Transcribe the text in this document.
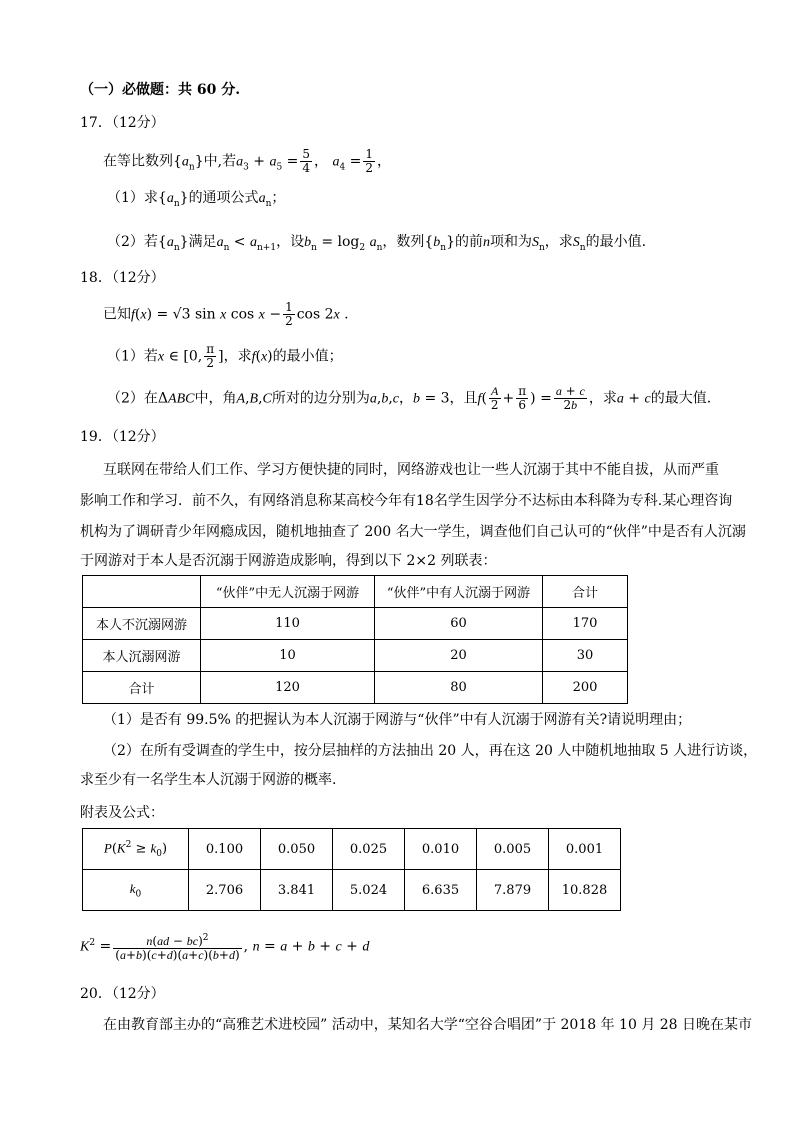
（一）必做题：共 60 分.
17．（12分）
在等比数列$\{a_n\}$中,若$a_3 + a_5 = \frac{5}{4}$ ， $a_4 = \frac{1}{2}$ ，
（1）求$\{a_n\}$的通项公式$a_n$；
（2）若$\{a_n\}$满足$a_n < a_{n+1}$，设$b_n = \log_2 a_n$，数列$\{b_n\}$的前n项和为$S_n$，求$S_n$的最小值.
18．（12分）
已知f(x) = √3 sin x $\cos x - \frac{1}{2}$ cos 2x .
（1）若x ∈ [0, $\frac{\pi}{2}$ ]，求f(x)的最小值；
（2）在ΔABC中，角A,B,C所对的边分别为a,b,c，b = 3，且$f( \frac{A}{2} + \frac{\pi}{6}$ ) = $\frac{a + c}{2b}$ ，求a + c的最大值.
19．（12分）
互联网在带给人们工作、学习方便快捷的同时，网络游戏也让一些人沉溺于其中不能自拔，从而严重
影响工作和学习．前不久，有网络消息称某高校今年有18名学生因学分不达标由本科降为专科.某心理咨询
机构为了调研青少年网瘾成因，随机地抽查了 200 名大一学生，调查他们自己认可的“伙伴”中是否有人沉溺
于网游对于本人是否沉溺于网游造成影响，得到以下 2×2 列联表：
	“伙伴”中无人沉溺于网游	“伙伴”中有人沉溺于网游	合计
本人不沉溺网游	110	60	170
本人沉溺网游	10	20	30
合计	120	80	200
（1）是否有 99.5% 的把握认为本人沉溺于网游与“伙伴”中有人沉溺于网游有关?请说明理由；
（2）在所有受调查的学生中，按分层抽样的方法抽出 20 人，再在这 20 人中随机地抽取 5 人进行访谈，
求至少有一名学生本人沉溺于网游的概率.
附表及公式：
$P(K^2 \ge k_0)$	0.100	0.050	0.025	0.010	0.005	0.001
$k_0$	2.706	3.841	5.024	6.635	7.879	10.828
$K^2 = \frac{n(ad - bc)^2}{(a+b)(c+d)(a+c)(b+d)}$ , n = a + b + c + d
20．（12分）
在由教育部主办的“高雅艺术进校园” 活动中，某知名大学“空谷合唱团”于 2018 年 10 月 28 日晚在某市
